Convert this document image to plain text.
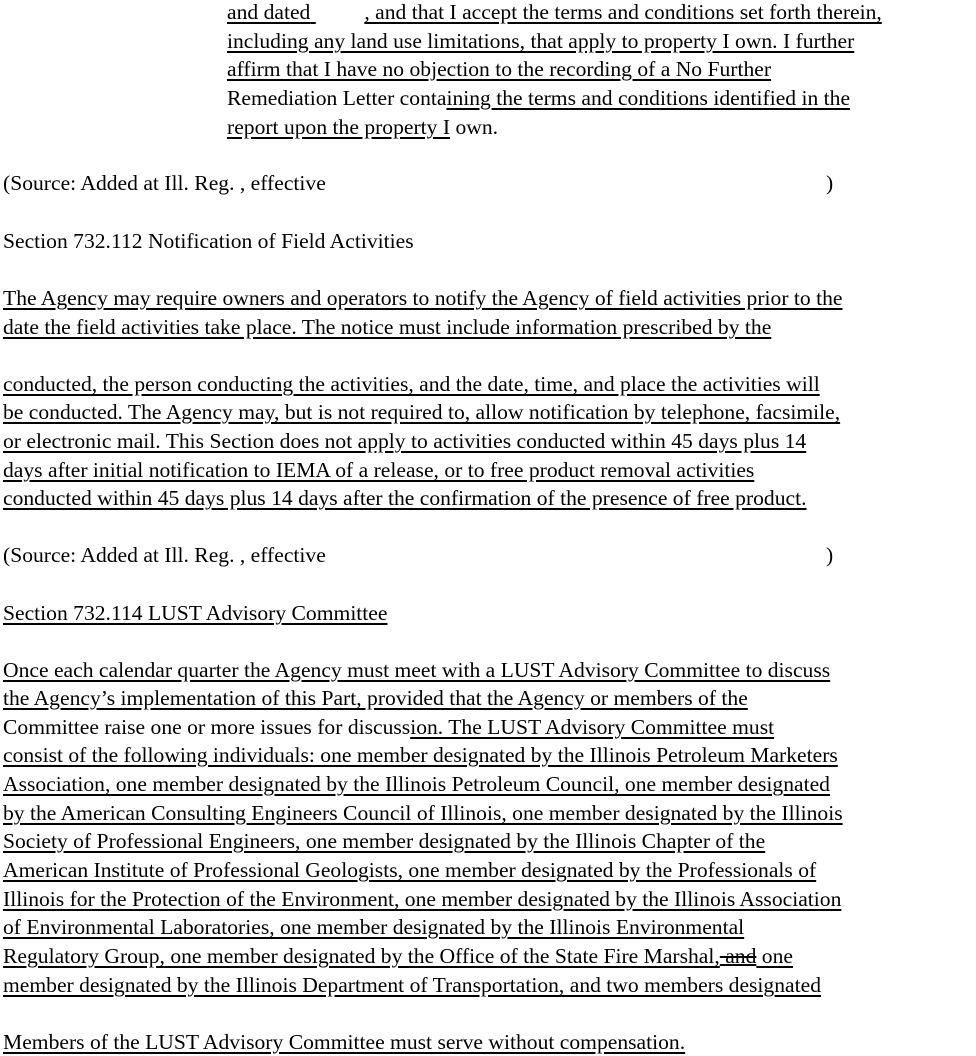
and dated	, and that I accept the terms and conditions set forth therein,
including any land use limitations, that apply to property I own. I further
affirm that I have no objection to the recording of a No Further
Remediation Letter containing the terms and conditions identified in the
report upon the property I own.
(Source: Added at Ill. Reg. , effective	)
Section 732.112 Notification of Field Activities
The Agency may require owners and operators to notify the Agency of field activities prior to the
date the field activities take place. The notice must include information prescribed by the
conducted, the person conducting the activities, and the date, time, and place the activities will
be conducted. The Agency may, but is not required to, allow notification by telephone, facsimile,
or electronic mail. This Section does not apply to activities conducted within 45 days plus 14
days after initial notification to IEMA of a release, or to free product removal activities
conducted within 45 days plus 14 days after the confirmation of the presence of free product.
(Source: Added at Ill. Reg. , effective	)
Section 732.114 LUST Advisory Committee
Once each calendar quarter the Agency must meet with a LUST Advisory Committee to discuss
the Agency’s implementation of this Part, provided that the Agency or members of the
Committee raise one or more issues for discussion. The LUST Advisory Committee must
consist of the following individuals: one member designated by the Illinois Petroleum Marketers
Association, one member designated by the Illinois Petroleum Council, one member designated
by the American Consulting Engineers Council of Illinois, one member designated by the Illinois
Society of Professional Engineers, one member designated by the Illinois Chapter of the
American Institute of Professional Geologists, one member designated by the Professionals of
Illinois for the Protection of the Environment, one member designated by the Illinois Association
of Environmental Laboratories, one member designated by the Illinois Environmental
Regulatory Group, one member designated by the Office of the State Fire Marshal, and one
member designated by the Illinois Department of Transportation, and two members designated
Members of the LUST Advisory Committee must serve without compensation.
